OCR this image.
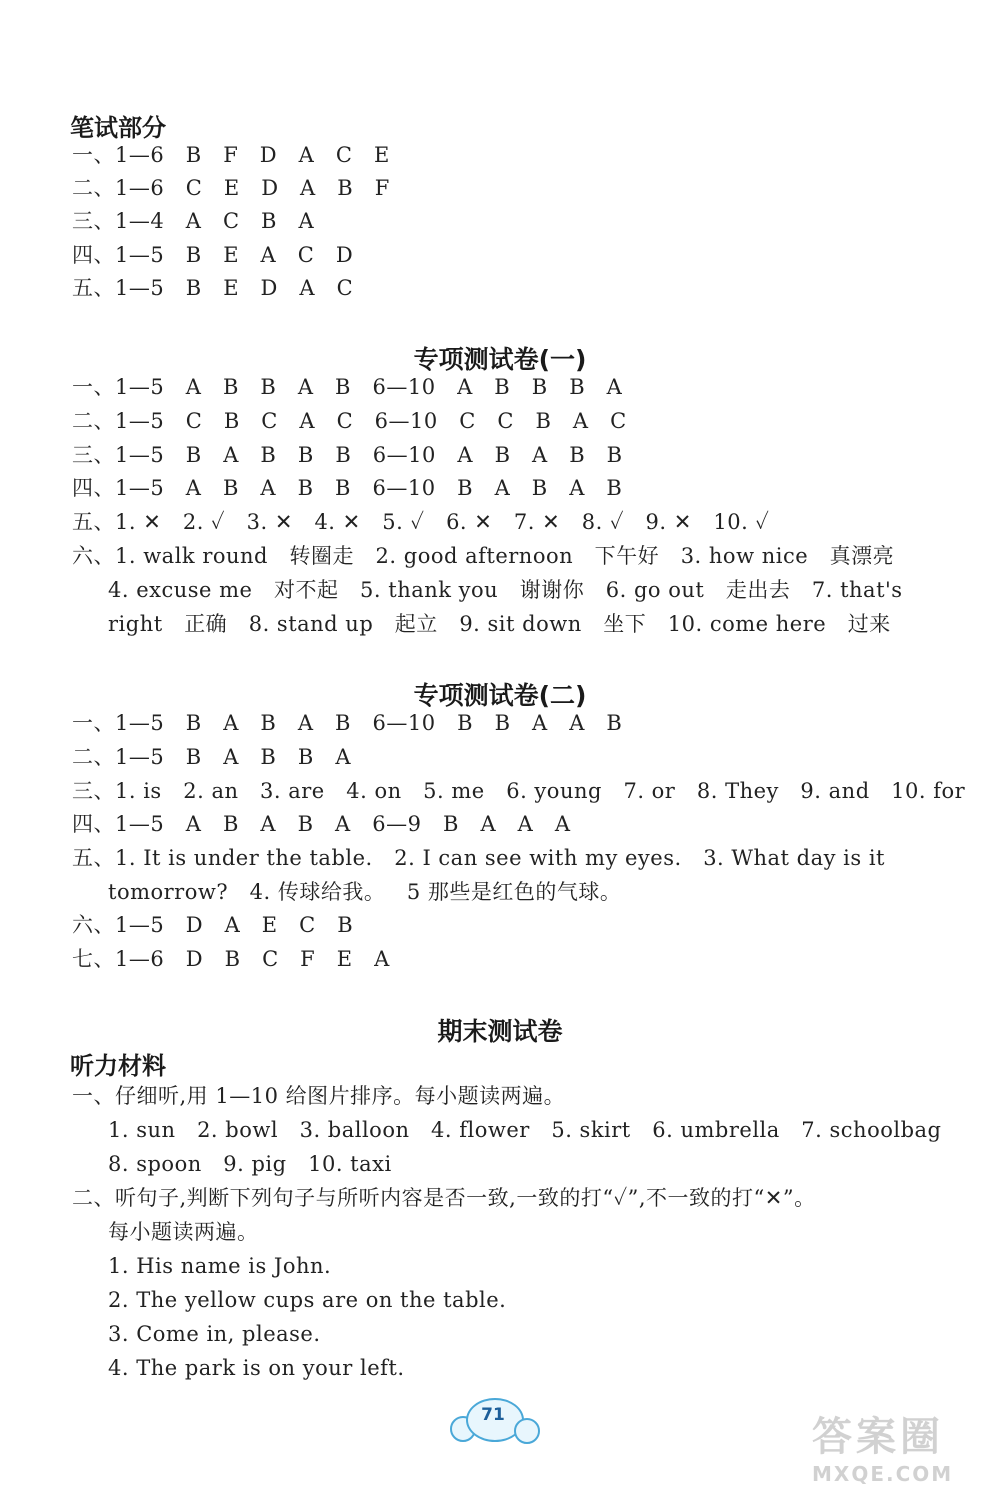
笔试部分
一、1—6   B   F   D   A   C   E
二、1—6   C   E   D   A   B   F
三、1—4   A   C   B   A
四、1—5   B   E   A   C   D
五、1—5   B   E   D   A   C
专项测试卷(一)
一、1—5   A   B   B   A   B   6—10   A   B   B   B   A
二、1—5   C   B   C   A   C   6—10   C   C   B   A   C
三、1—5   B   A   B   B   B   6—10   A   B   A   B   B
四、1—5   A   B   A   B   B   6—10   B   A   B   A   B
五、1. ✕   2. ✓   3. ✕   4. ✕   5. ✓   6. ✕   7. ✕   8. ✓   9. ✕   10. ✓
六、1. walk round   转圈走   2. good afternoon   下午好   3. how nice   真漂亮
4. excuse me   对不起   5. thank you   谢谢你   6. go out   走出去   7. that's
right   正确   8. stand up   起立   9. sit down   坐下   10. come here   过来
专项测试卷(二)
一、1—5   B   A   B   A   B   6—10   B   B   A   A   B
二、1—5   B   A   B   B   A
三、1. is   2. an   3. are   4. on   5. me   6. young   7. or   8. They   9. and   10. for
四、1—5   A   B   A   B   A   6—9   B   A   A   A
五、1. It is under the table.   2. I can see with my eyes.   3. What day is it
tomorrow?   4. 传球给我。   5 那些是红色的气球。
六、1—5   D   A   E   C   B
七、1—6   D   B   C   F   E   A
期末测试卷
听力材料
一、仔细听,用 1—10 给图片排序。每小题读两遍。
1. sun   2. bowl   3. balloon   4. flower   5. skirt   6. umbrella   7. schoolbag
8. spoon   9. pig   10. taxi
二、听句子,判断下列句子与所听内容是否一致,一致的打“✓”,不一致的打“✕”。
每小题读两遍。
1. His name is John.
2. The yellow cups are on the table.
3. Come in, please.
4. The park is on your left.
71	答案圈
MXQE.COM
